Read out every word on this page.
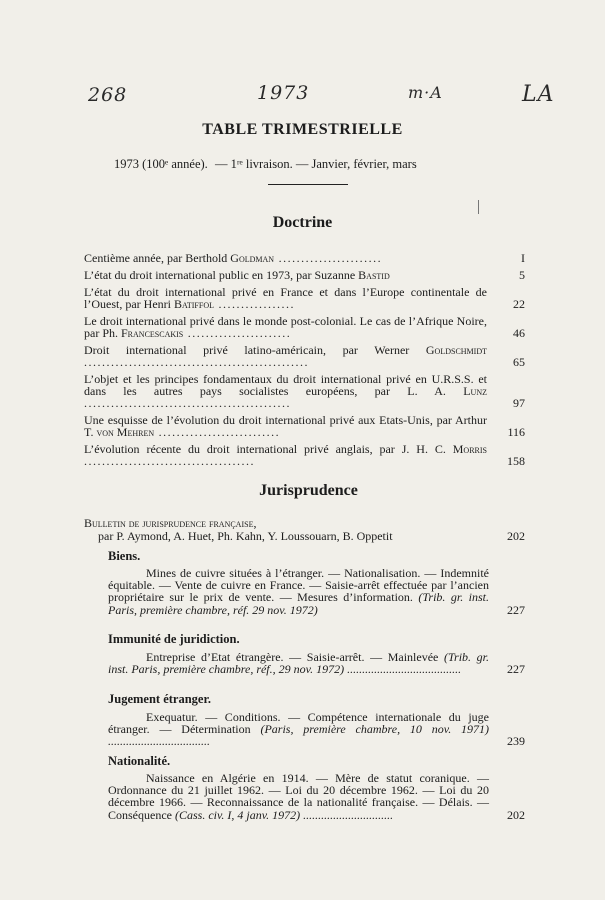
268	1973	m·A	LA
TABLE TRIMESTRIELLE
1973 (100ᵉ année). — 1ʳᵉ livraison. — Janvier, février, mars
Doctrine
Centième année, par Berthold Goldman .......................	I
L’état du droit international public en 1973, par Suzanne Bastid	5
L’état du droit international privé en France et dans l’Europe continentale de l’Ouest, par Henri Batiffol .................	22
Le droit international privé dans le monde post-colonial. Le cas de l’Afrique Noire, par Ph. Francescakis .......................	46
Droit international privé latino-américain, par Werner Goldschmidt ..................................................	65
L’objet et les principes fondamentaux du droit international privé en U.R.S.S. et dans les autres pays socialistes européens, par L. A. Lunz ..............................................	97
Une esquisse de l’évolution du droit international privé aux Etats-Unis, par Arthur T. von Mehren ...........................	116
L’évolution récente du droit international privé anglais, par J. H. C. Morris ......................................	158
Jurisprudence
Bulletin de jurisprudence française,
par P. Aymond, A. Huet, Ph. Kahn, Y. Loussouarn, B. Oppetit	202
Biens.
Mines de cuivre situées à l’étranger. — Nationalisation. — Indemnité équitable. — Vente de cuivre en France. — Saisie-arrêt effectuée par l’ancien propriétaire sur le prix de vente. — Mesures d’information. (Trib. gr. inst. Paris, première chambre, réf. 29 nov. 1972)	227
Immunité de juridiction.
Entreprise d’Etat étrangère. — Saisie-arrêt. — Mainlevée (Trib. gr. inst. Paris, première chambre, réf., 29 nov. 1972) ......................................	227
Jugement étranger.
Exequatur. — Conditions. — Compétence internationale du juge étranger. — Détermination (Paris, première chambre, 10 nov. 1971) ..................................	239
Nationalité.
Naissance en Algérie en 1914. — Mère de statut coranique. — Ordonnance du 21 juillet 1962. — Loi du 20 décembre 1962. — Loi du 20 décembre 1966. — Reconnaissance de la nationalité française. — Délais. — Conséquence (Cass. civ. I, 4 janv. 1972) ..............................	202
